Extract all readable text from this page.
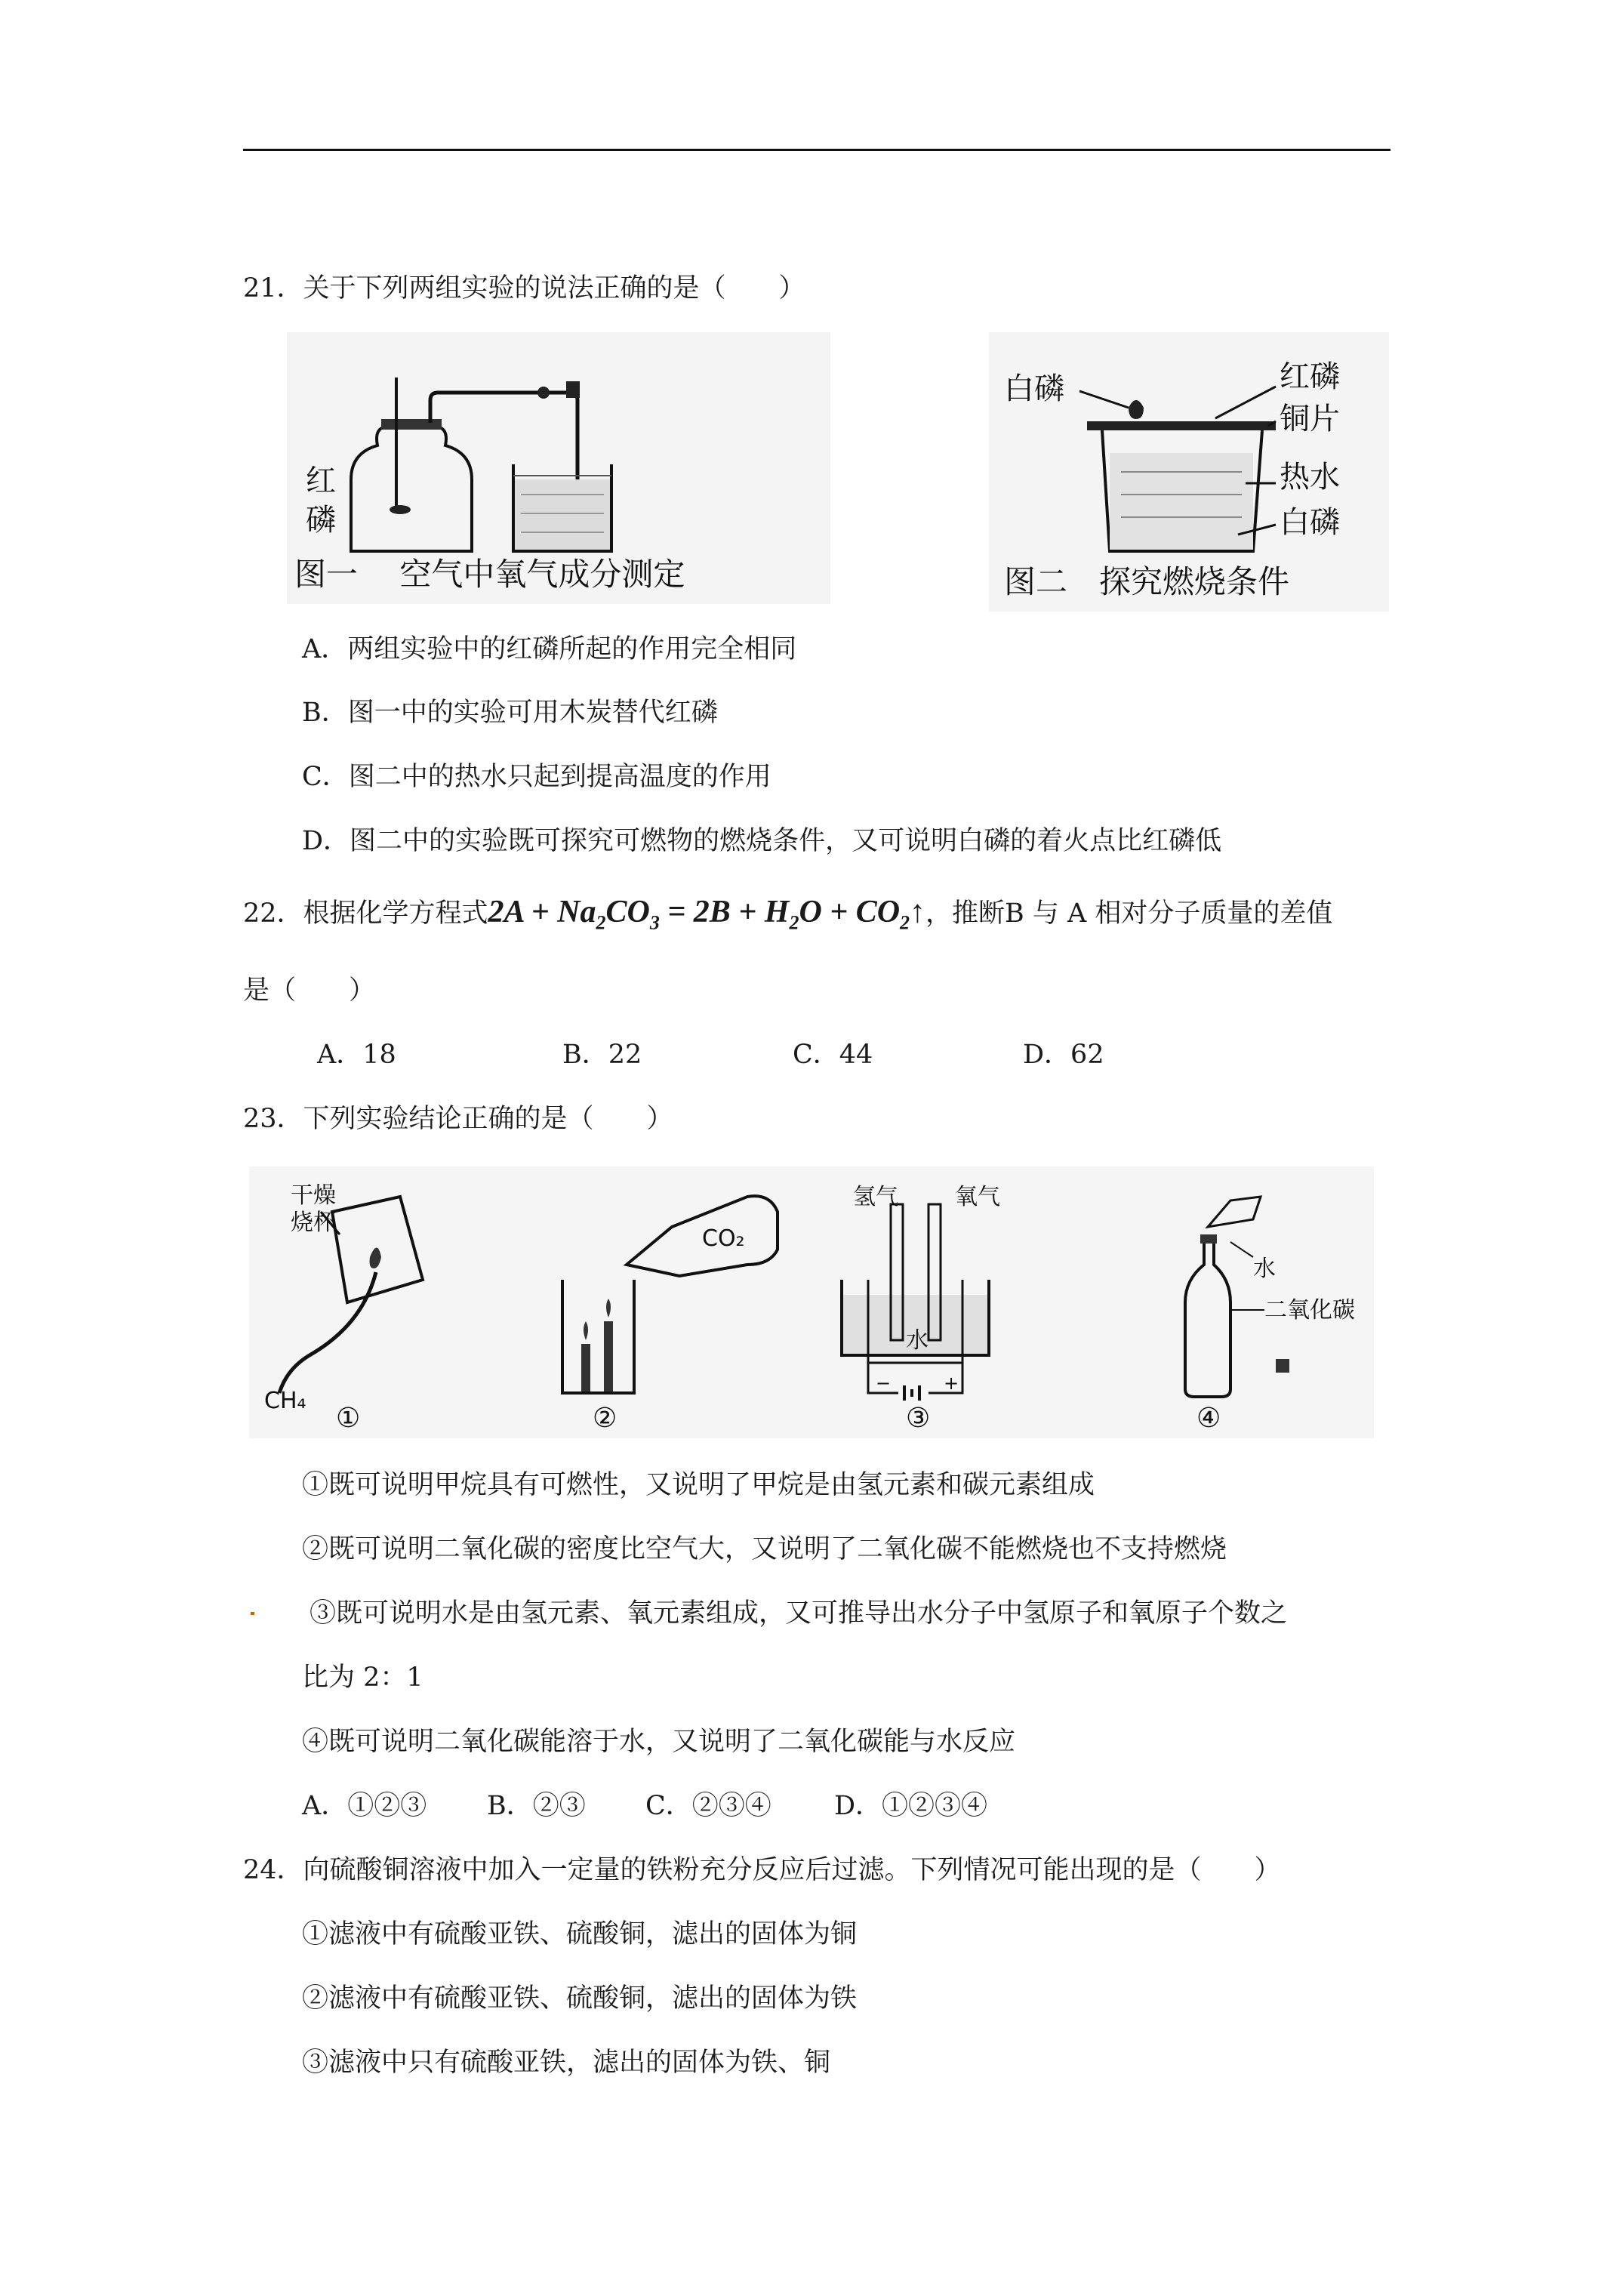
21．关于下列两组实验的说法正确的是（　　）
红
磷
图一　 空气中氧气成分测定
白磷	红磷
铜片
热水
白磷
图二　探究燃烧条件
A．两组实验中的红磷所起的作用完全相同
B．图一中的实验可用木炭替代红磷
C．图二中的热水只起到提高温度的作用
D．图二中的实验既可探究可燃物的燃烧条件，又可说明白磷的着火点比红磷低
22．根据化学方程式$2A + Na_2CO_3 = 2B + H_2O$ + $CO_2↑$，推断B 与 A 相对分子质量的差值
是（　　）
A．18	B．22	C．44	D．62
23．下列实验结论正确的是（　　）
干燥
烧杯
CH₄
①
CO₂
②
氢气	氧气
水
−	+
③
水
二氧化碳
④
①既可说明甲烷具有可燃性，又说明了甲烷是由氢元素和碳元素组成
②既可说明二氧化碳的密度比空气大，又说明了二氧化碳不能燃烧也不支持燃烧
③既可说明水是由氢元素、氧元素组成，又可推导出水分子中氢原子和氧原子个数之
比为 2：1
④既可说明二氧化碳能溶于水，又说明了二氧化碳能与水反应
A．①②③ B．②③ C．②③④ D．①②③④
24．向硫酸铜溶液中加入一定量的铁粉充分反应后过滤。下列情况可能出现的是（　　）
①滤液中有硫酸亚铁、硫酸铜，滤出的固体为铜
②滤液中有硫酸亚铁、硫酸铜，滤出的固体为铁
③滤液中只有硫酸亚铁，滤出的固体为铁、铜
